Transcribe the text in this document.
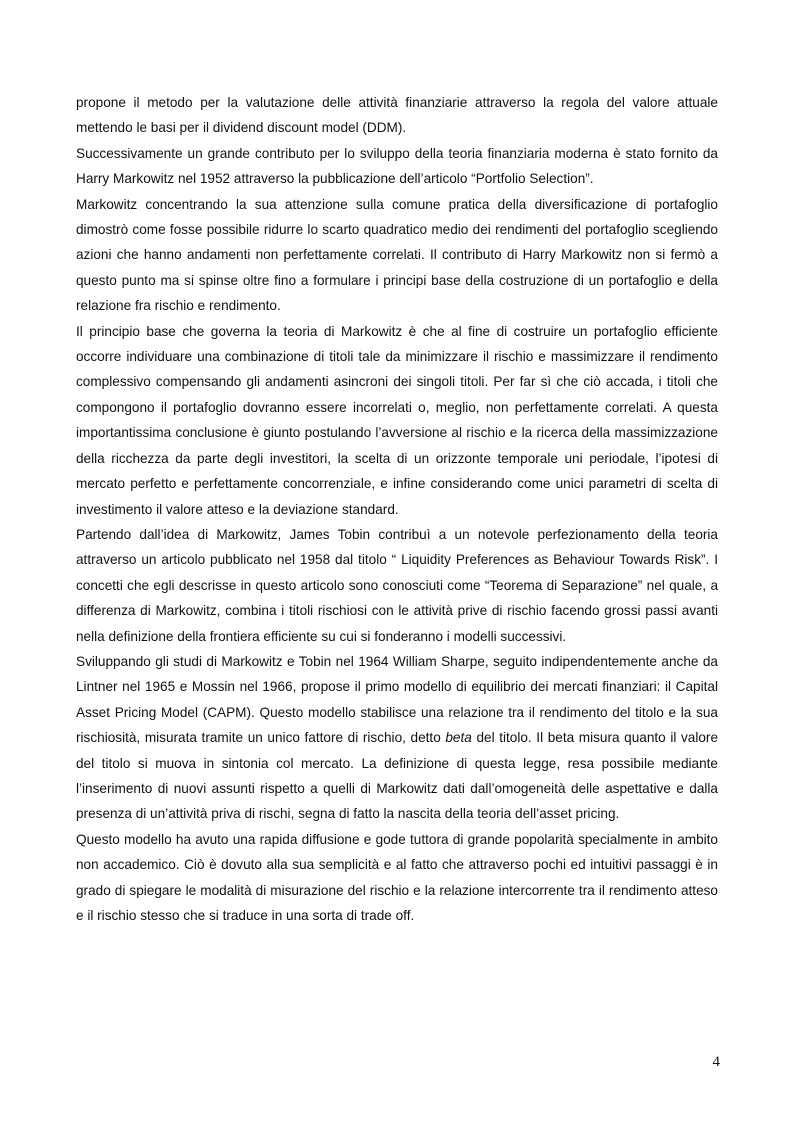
propone il metodo per la valutazione delle attività finanziarie attraverso la regola del valore attuale mettendo le basi per il dividend discount model (DDM).

Successivamente un grande contributo per lo sviluppo della teoria finanziaria moderna è stato fornito da Harry Markowitz nel 1952 attraverso la pubblicazione dell’articolo “Portfolio Selection”.

Markowitz concentrando la sua attenzione sulla comune pratica della diversificazione di portafoglio dimostrò come fosse possibile ridurre lo scarto quadratico medio dei rendimenti del portafoglio scegliendo azioni che hanno andamenti non perfettamente correlati. Il contributo di Harry Markowitz non si fermò a questo punto ma si spinse oltre fino a formulare i principi base della costruzione di un portafoglio e della relazione fra rischio e rendimento.

Il principio base che governa la teoria di Markowitz è che al fine di costruire un portafoglio efficiente occorre individuare una combinazione di titoli tale da minimizzare il rischio e massimizzare il rendimento complessivo compensando gli andamenti asincroni dei singoli titoli. Per far sì che ciò accada, i titoli che compongono il portafoglio dovranno essere incorrelati o, meglio, non perfettamente correlati. A questa importantissima conclusione è giunto postulando l’avversione al rischio e la ricerca della massimizzazione della ricchezza da parte degli investitori, la scelta di un orizzonte temporale uni periodale, l’ipotesi di mercato perfetto e perfettamente concorrenziale, e infine considerando come unici parametri di scelta di investimento il valore atteso e la deviazione standard.

Partendo dall’idea di Markowitz, James Tobin contribuì a un notevole perfezionamento della teoria attraverso un articolo pubblicato nel 1958 dal titolo “ Liquidity Preferences as Behaviour Towards Risk”. I concetti che egli descrisse in questo articolo sono conosciuti come “Teorema di Separazione” nel quale, a differenza di Markowitz, combina i titoli rischiosi con le attività prive di rischio facendo grossi passi avanti nella definizione della frontiera efficiente su cui si fonderanno i modelli successivi.

Sviluppando gli studi di Markowitz e Tobin nel 1964 William Sharpe, seguito indipendentemente anche da Lintner nel 1965 e Mossin nel 1966, propose il primo modello di equilibrio dei mercati finanziari: il Capital Asset Pricing Model (CAPM). Questo modello stabilisce una relazione tra il rendimento del titolo e la sua rischiosità, misurata tramite un unico fattore di rischio, detto beta del titolo. Il beta misura quanto il valore del titolo si muova in sintonia col mercato. La definizione di questa legge, resa possibile mediante l’inserimento di nuovi assunti rispetto a quelli di Markowitz dati dall’omogeneità delle aspettative e dalla presenza di un’attività priva di rischi, segna di fatto la nascita della teoria dell’asset pricing.

Questo modello ha avuto una rapida diffusione e gode tuttora di grande popolarità specialmente in ambito non accademico. Ciò è dovuto alla sua semplicità e al fatto che attraverso pochi ed intuitivi passaggi è in grado di spiegare le modalità di misurazione del rischio e la relazione intercorrente tra il rendimento atteso e il rischio stesso che si traduce in una sorta di trade off.

4
